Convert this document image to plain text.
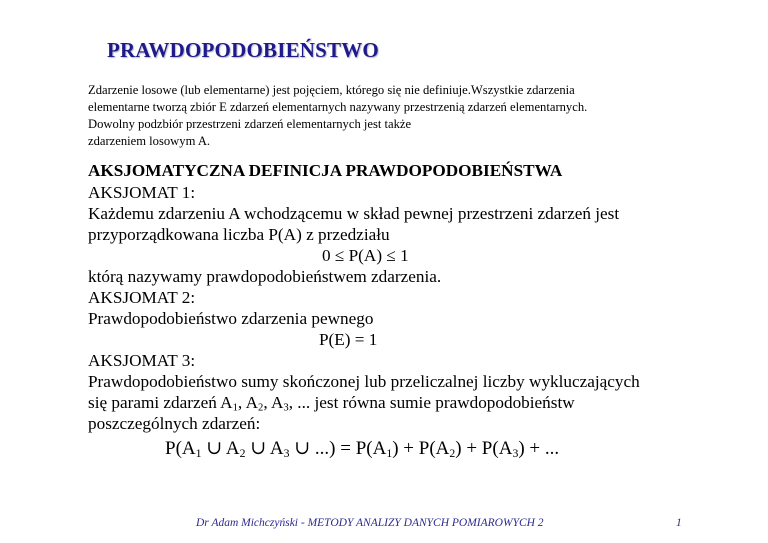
PRAWDOPODOBIEŃSTWO
Zdarzenie losowe (lub elementarne) jest pojęciem, którego się nie definiuje.Wszystkie zdarzenia
elementarne tworzą zbiór E zdarzeń elementarnych nazywany przestrzenią zdarzeń elementarnych.
Dowolny podzbiór przestrzeni zdarzeń elementarnych jest także
zdarzeniem losowym A.
AKSJOMATYCZNA DEFINICJA PRAWDOPODOBIEŃSTWA
AKSJOMAT 1:
Każdemu zdarzeniu A wchodzącemu w skład pewnej przestrzeni zdarzeń jest
przyporządkowana liczba P(A) z przedziału
0 ≤ P(A) ≤ 1
którą nazywamy prawdopodobieństwem zdarzenia.
AKSJOMAT 2:
Prawdopodobieństwo zdarzenia pewnego
P(E) = 1
AKSJOMAT 3:
Prawdopodobieństwo sumy skończonej lub przeliczalnej liczby wykluczających
się parami zdarzeń $A_1$, $A_2$, $A_3$, ... jest równa sumie prawdopodobieństw
poszczególnych zdarzeń:
$P(A_1$ ∪ $A_2$ ∪ $A_3$ ∪ ...) = $P(A_1) + P(A_2) + P(A_3)$ + ...
Dr Adam Michczyński - METODY ANALIZY DANYCH POMIAROWYCH 2	1
